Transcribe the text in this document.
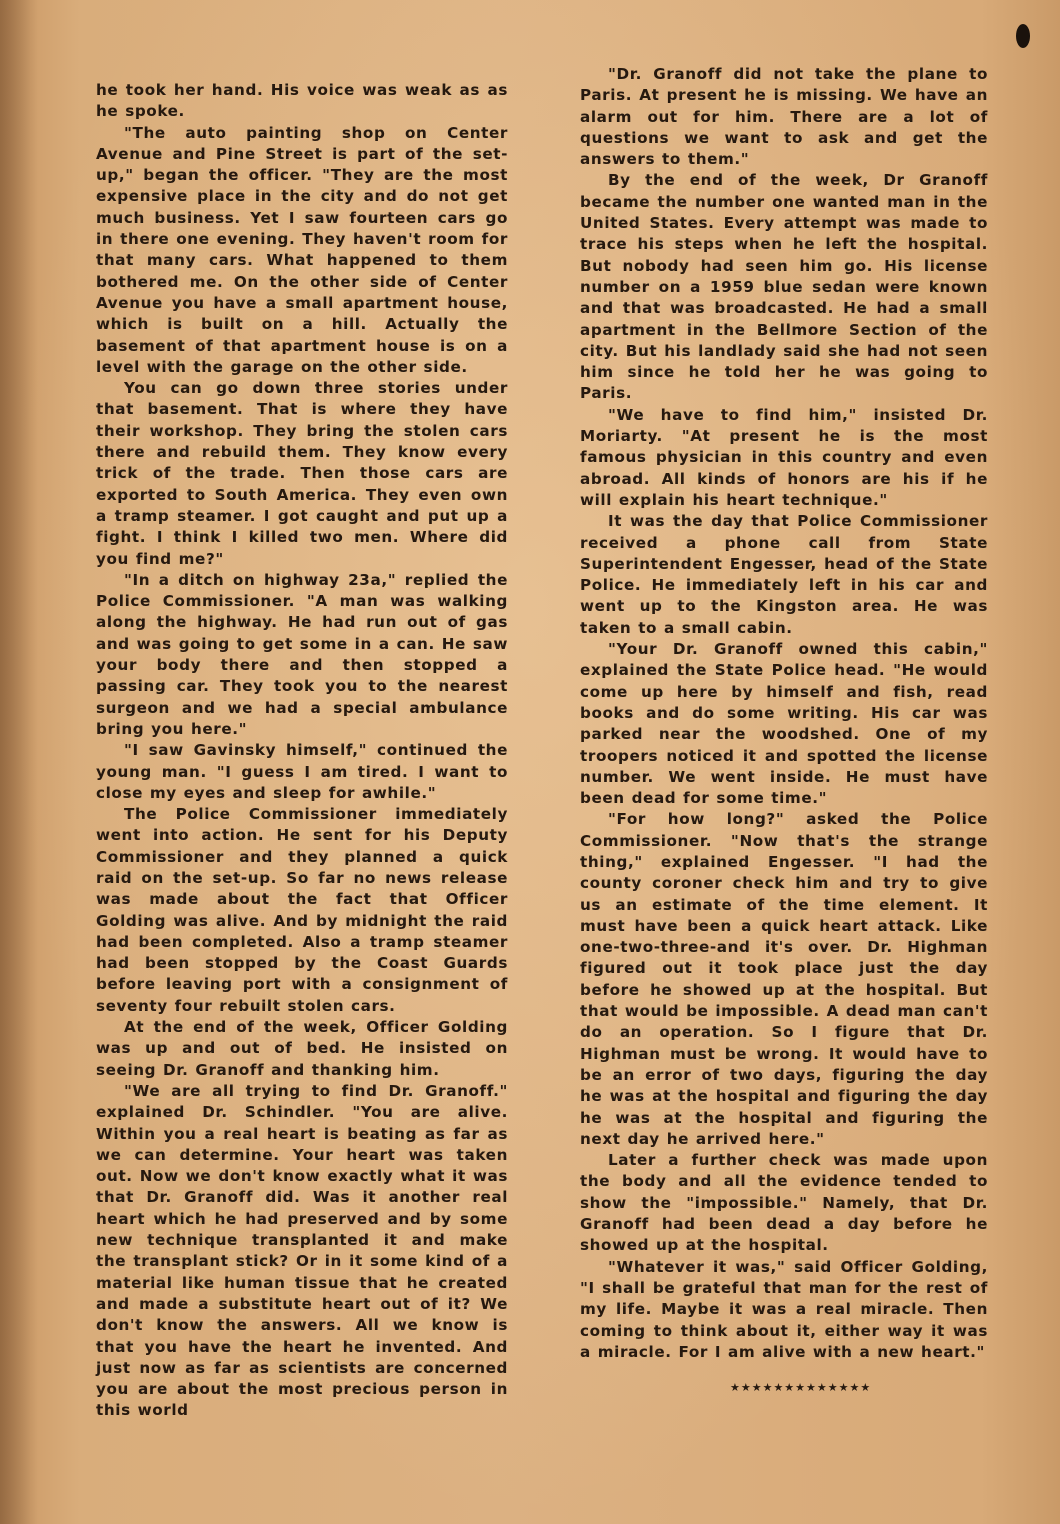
he took her hand. His voice was weak as as he spoke.

"The auto painting shop on Center Avenue and Pine Street is part of the set-up," began the officer. "They are the most expensive place in the city and do not get much business. Yet I saw fourteen cars go in there one evening. They haven't room for that many cars. What happened to them bothered me. On the other side of Center Avenue you have a small apartment house, which is built on a hill. Actually the basement of that apartment house is on a level with the garage on the other side.

You can go down three stories under that basement. That is where they have their workshop. They bring the stolen cars there and rebuild them. They know every trick of the trade. Then those cars are exported to South America. They even own a tramp steamer. I got caught and put up a fight. I think I killed two men. Where did you find me?"

"In a ditch on highway 23a," replied the Police Commissioner. "A man was walking along the highway. He had run out of gas and was going to get some in a can. He saw your body there and then stopped a passing car. They took you to the nearest surgeon and we had a special ambulance bring you here."

"I saw Gavinsky himself," continued the young man. "I guess I am tired. I want to close my eyes and sleep for awhile."

The Police Commissioner immediately went into action. He sent for his Deputy Commissioner and they planned a quick raid on the set-up. So far no news release was made about the fact that Officer Golding was alive. And by midnight the raid had been completed. Also a tramp steamer had been stopped by the Coast Guards before leaving port with a consignment of seventy four rebuilt stolen cars.

At the end of the week, Officer Golding was up and out of bed. He insisted on seeing Dr. Granoff and thanking him.

"We are all trying to find Dr. Granoff." explained Dr. Schindler. "You are alive. Within you a real heart is beating as far as we can determine. Your heart was taken out. Now we don't know exactly what it was that Dr. Granoff did. Was it another real heart which he had preserved and by some new technique transplanted it and make the transplant stick? Or in it some kind of a material like human tissue that he created and made a substitute heart out of it? We don't know the answers. All we know is that you have the heart he invented. And just now as far as scientists are concerned you are about the most precious person in this world

"Dr. Granoff did not take the plane to Paris. At present he is missing. We have an alarm out for him. There are a lot of questions we want to ask and get the answers to them."

By the end of the week, Dr Granoff became the number one wanted man in the United States. Every attempt was made to trace his steps when he left the hospital. But nobody had seen him go. His license number on a 1959 blue sedan were known and that was broadcasted. He had a small apartment in the Bellmore Section of the city. But his landlady said she had not seen him since he told her he was going to Paris.

"We have to find him," insisted Dr. Moriarty. "At present he is the most famous physician in this country and even abroad. All kinds of honors are his if he will explain his heart technique."

It was the day that Police Commissioner received a phone call from State Superintendent Engesser, head of the State Police. He immediately left in his car and went up to the Kingston area. He was taken to a small cabin.

"Your Dr. Granoff owned this cabin," explained the State Police head. "He would come up here by himself and fish, read books and do some writing. His car was parked near the woodshed. One of my troopers noticed it and spotted the license number. We went inside. He must have been dead for some time."

"For how long?" asked the Police Commissioner. "Now that's the strange thing," explained Engesser. "I had the county coroner check him and try to give us an estimate of the time element. It must have been a quick heart attack. Like one-two-three-and it's over. Dr. Highman figured out it took place just the day before he showed up at the hospital. But that would be impossible. A dead man can't do an operation. So I figure that Dr. Highman must be wrong. It would have to be an error of two days, figuring the day he was at the hospital and figuring the day he was at the hospital and figuring the next day he arrived here."

Later a further check was made upon the body and all the evidence tended to show the "impossible." Namely, that Dr. Granoff had been dead a day before he showed up at the hospital.

"Whatever it was," said Officer Golding, "I shall be grateful that man for the rest of my life. Maybe it was a real miracle. Then coming to think about it, either way it was a miracle. For I am alive with a new heart."

★★★★★★★★★★★★★
